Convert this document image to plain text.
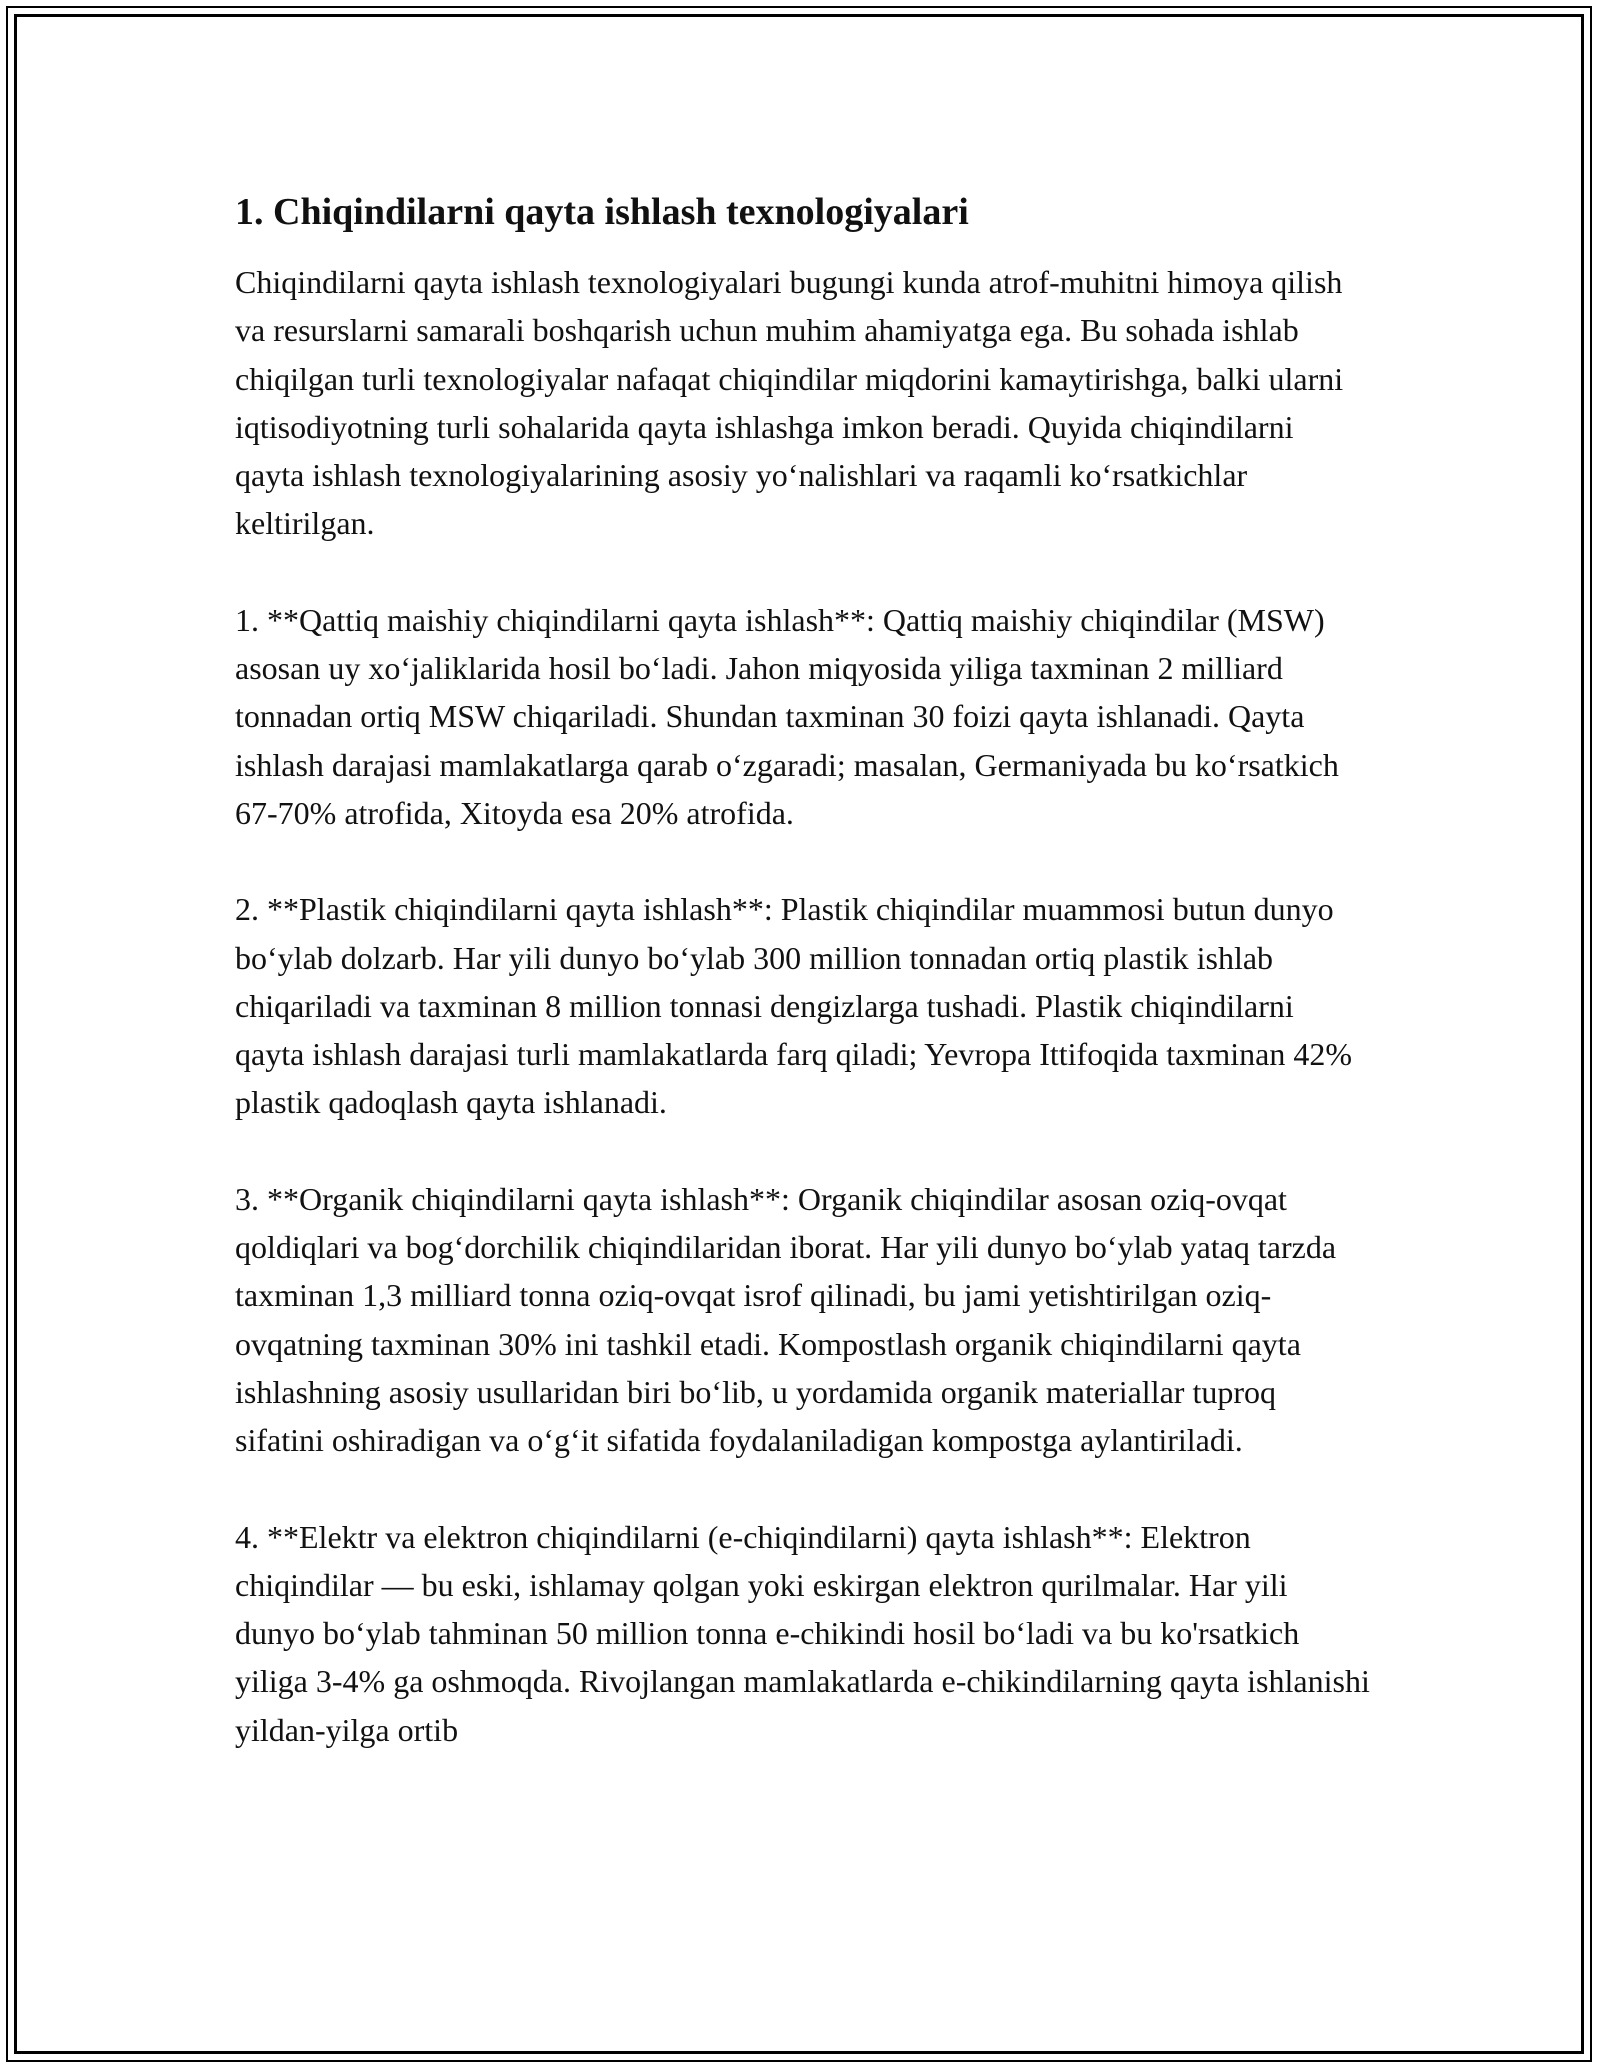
1. Chiqindilarni qayta ishlash texnologiyalari

Chiqindilarni qayta ishlash texnologiyalari bugungi kunda atrof-muhitni himoya qilish va resurslarni samarali boshqarish uchun muhim ahamiyatga ega. Bu sohada ishlab chiqilgan turli texnologiyalar nafaqat chiqindilar miqdorini kamaytirishga, balki ularni iqtisodiyotning turli sohalarida qayta ishlashga imkon beradi. Quyida chiqindilarni qayta ishlash texnologiyalarining asosiy yo‘nalishlari va raqamli ko‘rsatkichlar keltirilgan.

1. **Qattiq maishiy chiqindilarni qayta ishlash**: Qattiq maishiy chiqindilar (MSW) asosan uy xo‘jaliklarida hosil bo‘ladi. Jahon miqyosida yiliga taxminan 2 milliard tonnadan ortiq MSW chiqariladi. Shundan taxminan 30 foizi qayta ishlanadi. Qayta ishlash darajasi mamlakatlarga qarab o‘zgaradi; masalan, Germaniyada bu ko‘rsatkich 67-70% atrofida, Xitoyda esa 20% atrofida.

2. **Plastik chiqindilarni qayta ishlash**: Plastik chiqindilar muammosi butun dunyo bo‘ylab dolzarb. Har yili dunyo bo‘ylab 300 million tonnadan ortiq plastik ishlab chiqariladi va taxminan 8 million tonnasi dengizlarga tushadi. Plastik chiqindilarni qayta ishlash darajasi turli mamlakatlarda farq qiladi; Yevropa Ittifoqida taxminan 42% plastik qadoqlash qayta ishlanadi.

3. **Organik chiqindilarni qayta ishlash**: Organik chiqindilar asosan oziq-ovqat qoldiqlari va bog‘dorchilik chiqindilaridan iborat. Har yili dunyo bo‘ylab yataq tarzda taxminan 1,3 milliard tonna oziq-ovqat isrof qilinadi, bu jami yetishtirilgan oziq-ovqatning taxminan 30% ini tashkil etadi. Kompostlash organik chiqindilarni qayta ishlashning asosiy usullaridan biri bo‘lib, u yordamida organik materiallar tuproq sifatini oshiradigan va o‘g‘it sifatida foydalaniladigan kompostga aylantiriladi.

4. **Elektr va elektron chiqindilarni (e-chiqindilarni) qayta ishlash**: Elektron chiqindilar — bu eski, ishlamay qolgan yoki eskirgan elektron qurilmalar. Har yili dunyo bo‘ylab tahminan 50 million tonna e-chikindi hosil bo‘ladi va bu ko'rsatkich yiliga 3-4% ga oshmoqda. Rivojlangan mamlakatlarda e-chikindilarning qayta ishlanishi yildan-yilga ortib
